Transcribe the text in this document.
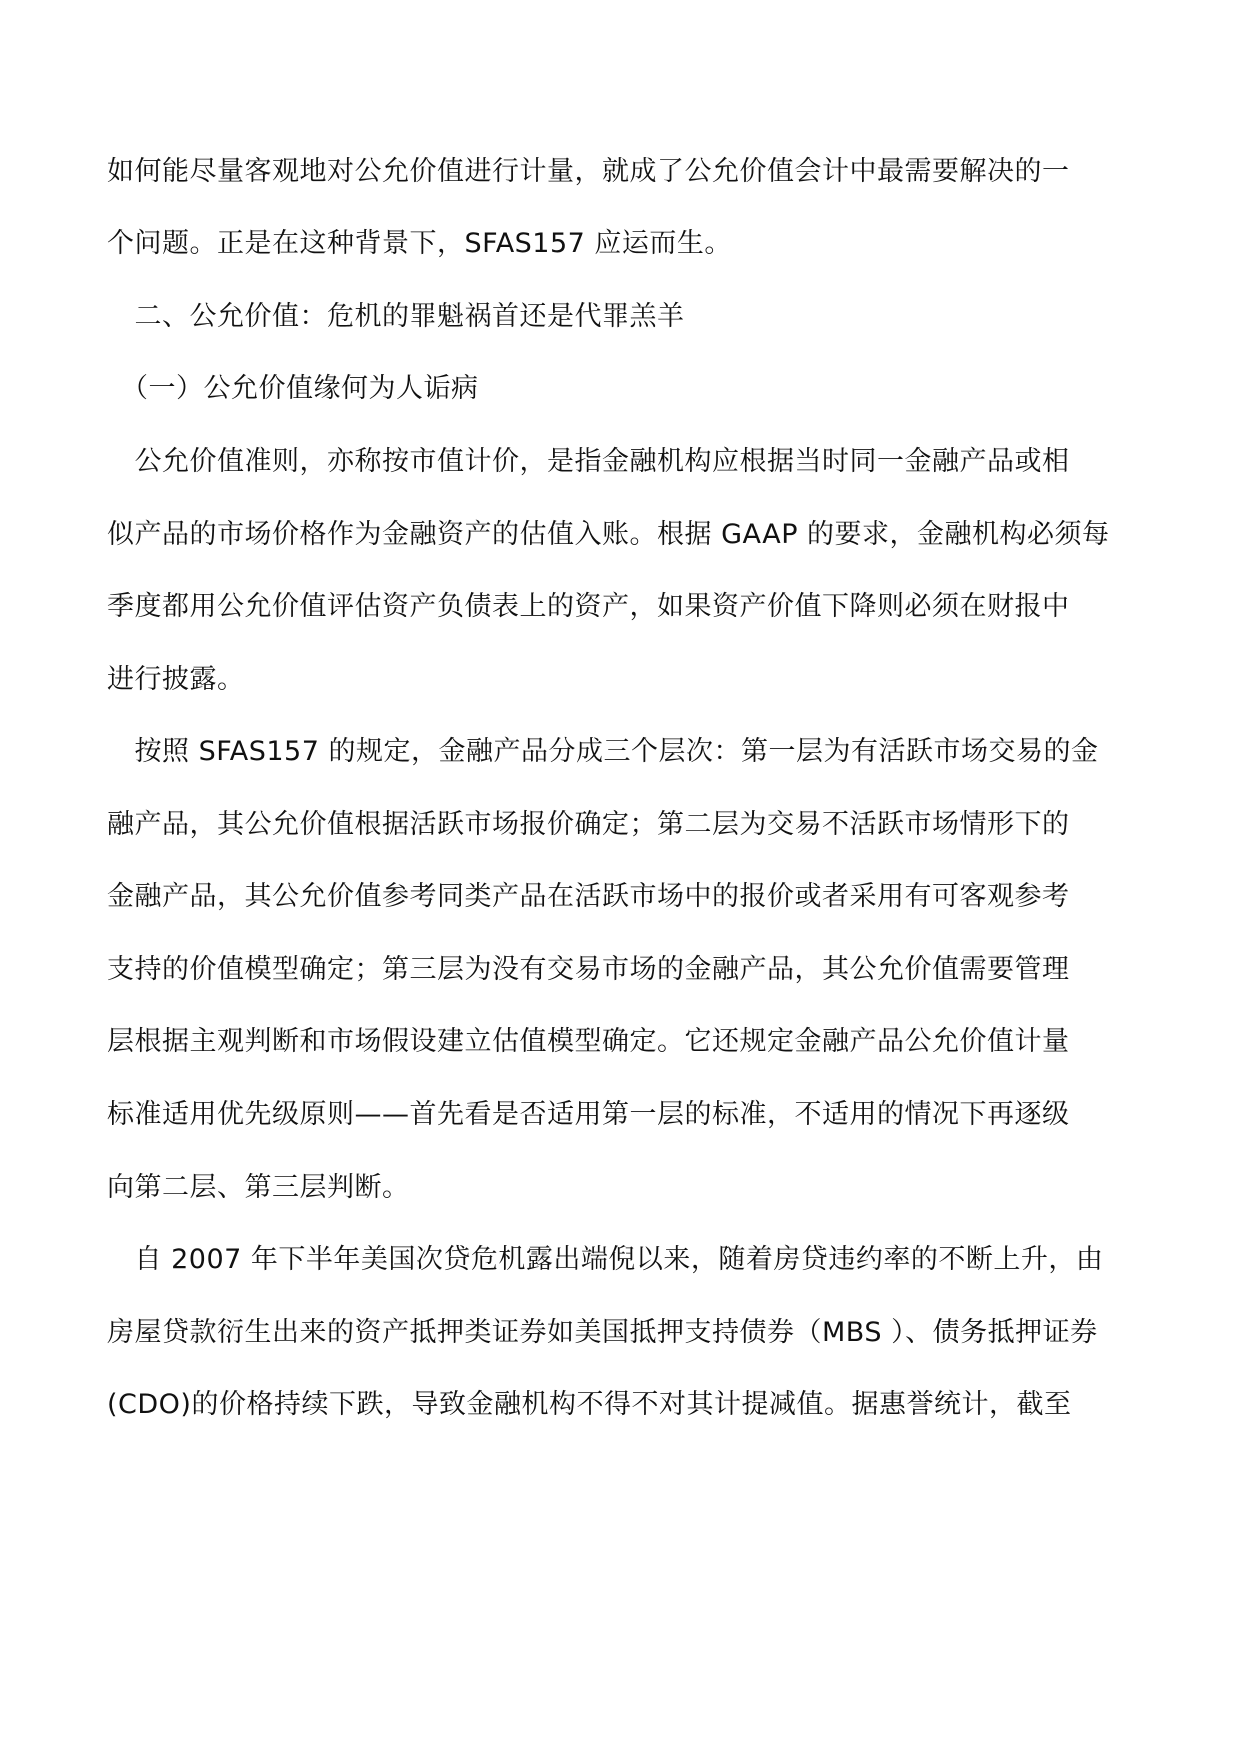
如何能尽量客观地对公允价值进行计量，就成了公允价值会计中最需要解决的一
个问题。正是在这种背景下，SFAS157 应运而生。
　二、公允价值：危机的罪魁祸首还是代罪羔羊
　（一）公允价值缘何为人诟病
　公允价值准则，亦称按市值计价，是指金融机构应根据当时同一金融产品或相
似产品的市场价格作为金融资产的估值入账。根据 GAAP 的要求，金融机构必须每
季度都用公允价值评估资产负债表上的资产，如果资产价值下降则必须在财报中
进行披露。
　按照 SFAS157 的规定，金融产品分成三个层次：第一层为有活跃市场交易的金
融产品，其公允价值根据活跃市场报价确定；第二层为交易不活跃市场情形下的
金融产品，其公允价值参考同类产品在活跃市场中的报价或者采用有可客观参考
支持的价值模型确定；第三层为没有交易市场的金融产品，其公允价值需要管理
层根据主观判断和市场假设建立估值模型确定。它还规定金融产品公允价值计量
标准适用优先级原则——首先看是否适用第一层的标准，不适用的情况下再逐级
向第二层、第三层判断。
　自 2007 年下半年美国次贷危机露出端倪以来，随着房贷违约率的不断上升，由
房屋贷款衍生出来的资产抵押类证券如美国抵押支持债券（MBS ）、债务抵押证券
(CDO)的价格持续下跌，导致金融机构不得不对其计提减值。据惠誉统计，截至
